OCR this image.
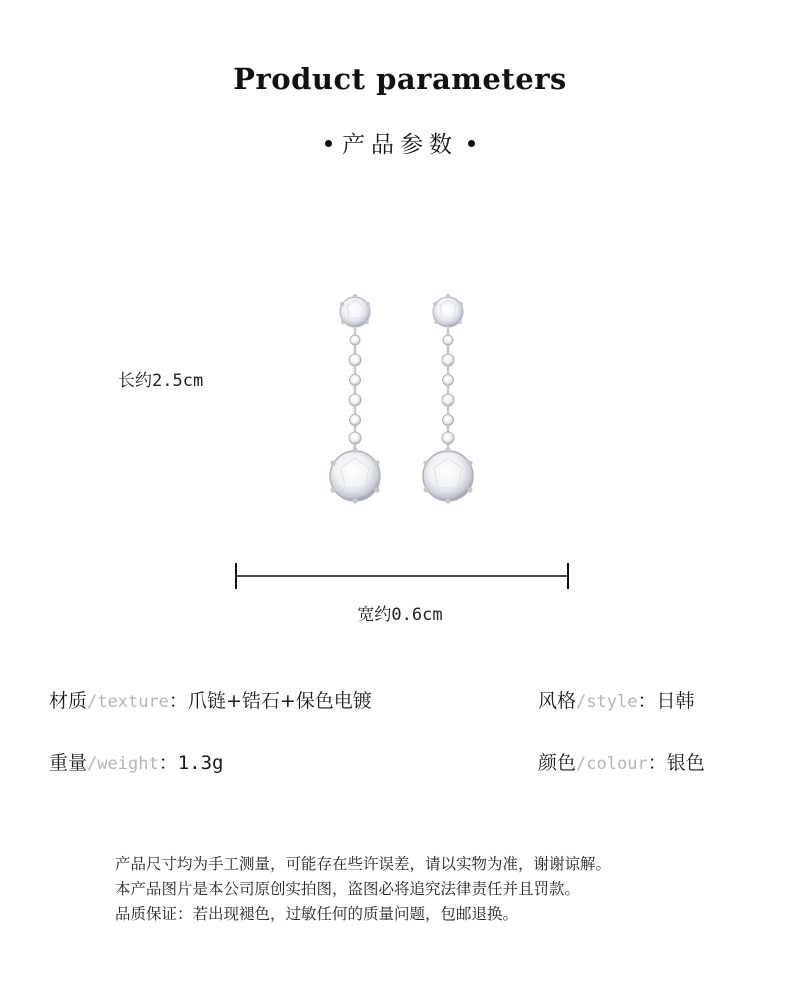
Product parameters
产品参数
长约2.5cm
宽约0.6cm
材质/texture：爪链+锆石+保色电镀	风格/style：日韩
重量/weight：1.3g	颜色/colour：银色
产品尺寸均为手工测量，可能存在些许误差，请以实物为准，谢谢谅解。
本产品图片是本公司原创实拍图，盗图必将追究法律责任并且罚款。
品质保证：若出现褪色，过敏任何的质量问题，包邮退换。
